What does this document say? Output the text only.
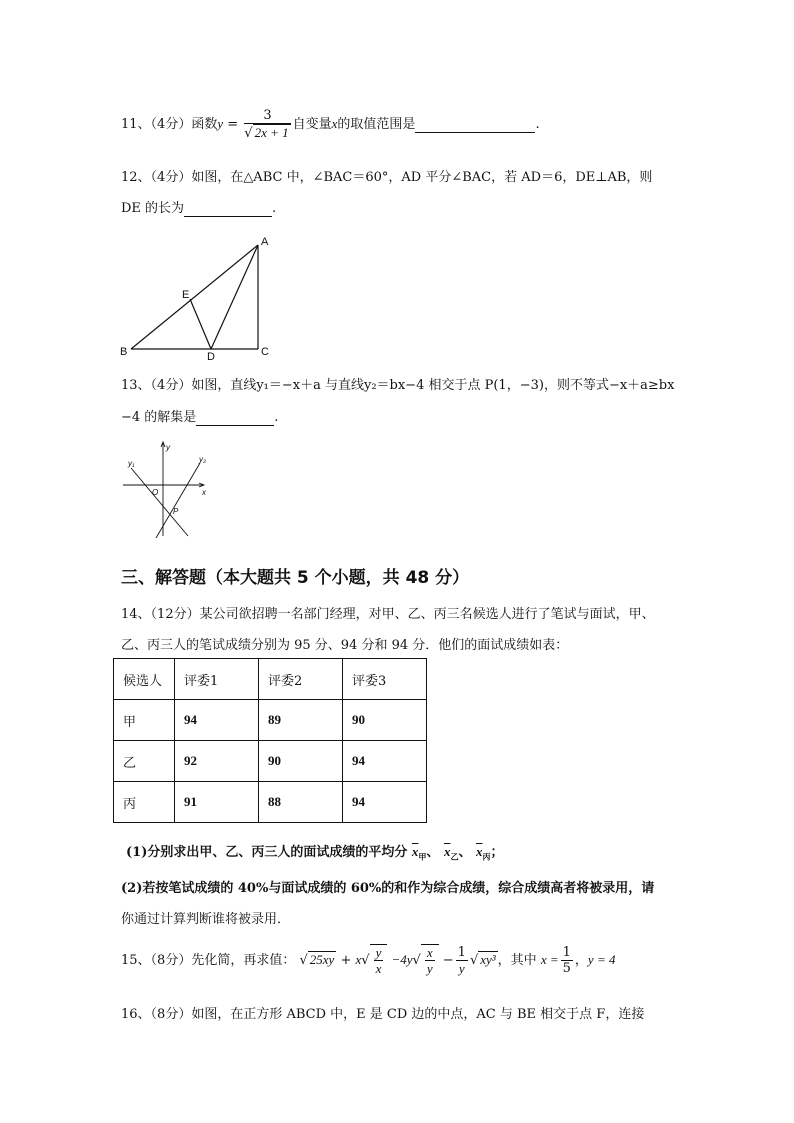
11、（4分）函数$y = \frac{3}{√ 2x + 1}$ 自变量x的取值范围是	.
12、（4分）如图，在△ABC 中，∠BAC＝60°，AD 平分∠BAC，若 AD＝6，DE⊥AB，则
DE 的长为	.
A
B	C
D
E
13、（4分）如图，直线y₁＝−x＋a 与直线y₂＝bx−4 相交于点 P(1，−3)，则不等式−x＋a≥bx
−4 的解集是	.
y
x
O
P
y₁	y₂
三、解答题（本大题共 5 个小题，共 48 分）
14、（12分）某公司欲招聘一名部门经理，对甲、乙、丙三名候选人进行了笔试与面试，甲、
乙、丙三人的笔试成绩分别为 95 分、94 分和 94 分．他们的面试成绩如表：
候选人	评委1	评委2	评委3
甲	94	89	90
乙	92	90	94
丙	91	88	94
(1)分别求出甲、乙、丙三人的面试成绩的平均分 $\overline{x}_甲$、 $\overline{x}_乙$、 $\overline{x}_丙$；
(2)若按笔试成绩的 40%与面试成绩的 60%的和作为综合成绩，综合成绩高者将被录用，请
你通过计算判断谁将被录用．
15、（8分）先化简，再求值： √ $25xy + x√ \frac{y}{x} -4y√ \frac{x}{y} - \frac{1}{y}$ √ xy³ ，其中 $x = \frac{1}{5}$ ，y = 4
16、（8分）如图，在正方形 ABCD 中，E 是 CD 边的中点，AC 与 BE 相交于点 F，连接
